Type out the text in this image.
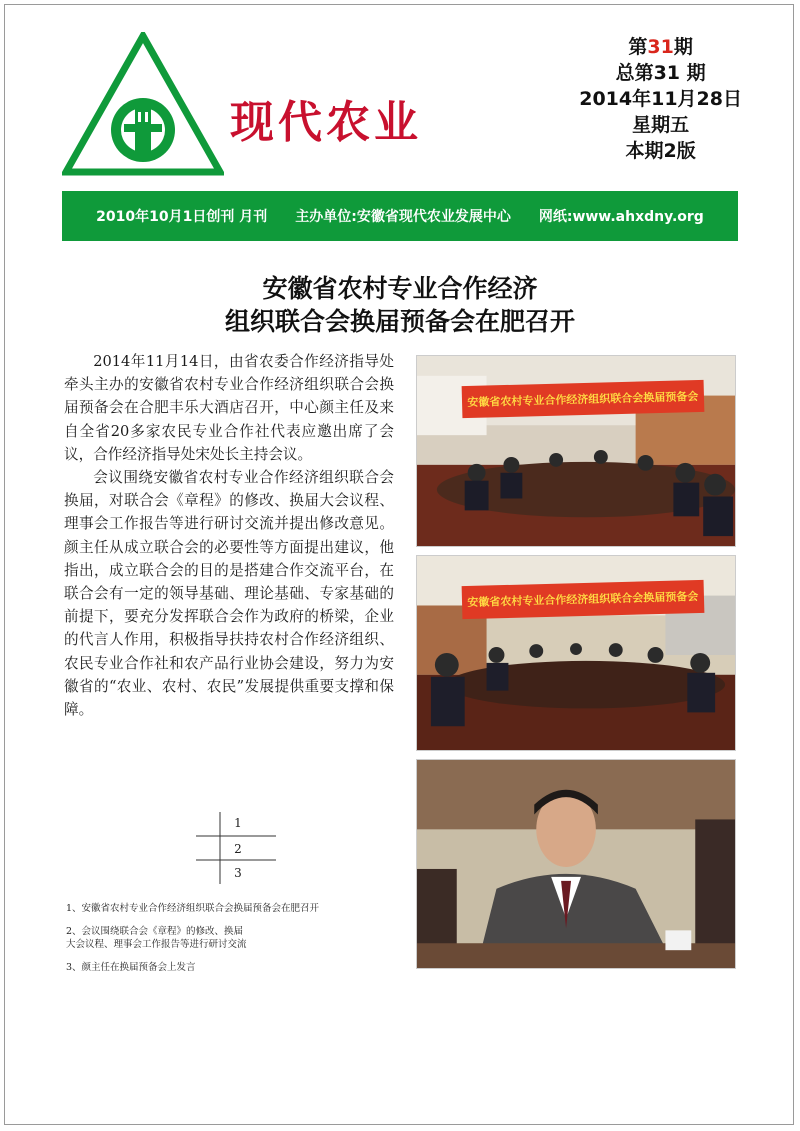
现代农业
第31期
总第31 期
2014年11月28日
星期五
本期2版
2010年10月1日创刊 月刊 主办单位:安徽省现代农业发展中心 网纸:www.ahxdny.org
安徽省农村专业合作经济
组织联合会换届预备会在肥召开

2014年11月14日，由省农委合作经济指导处牵头主办的安徽省农村专业合作经济组织联合会换届预备会在合肥丰乐大酒店召开，中心颜主任及来自全省20多家农民专业合作社代表应邀出席了会议，合作经济指导处宋处长主持会议。

会议围绕安徽省农村专业合作经济组织联合会换届，对联合会《章程》的修改、换届大会议程、理事会工作报告等进行研讨交流并提出修改意见。颜主任从成立联合会的必要性等方面提出建议，他指出，成立联合会的目的是搭建合作交流平台，在联合会有一定的领导基础、理论基础、专家基础的前提下，要充分发挥联合会作为政府的桥梁，企业的代言人作用，积极指导扶持农村合作经济组织、农民专业合作社和农产品行业协会建设，努力为安徽省的“农业、农村、农民”发展提供重要支撑和保障。

安徽省农村专业合作经济组织联合会换届预备会
安徽省农村专业合作经济组织联合会换届预备会
1
2
3
1、安徽省农村专业合作经济组织联合会换届预备会在肥召开
2、会议围绕联合会《章程》的修改、换届
大会议程、理事会工作报告等进行研讨交流
3、颜主任在换届预备会上发言
